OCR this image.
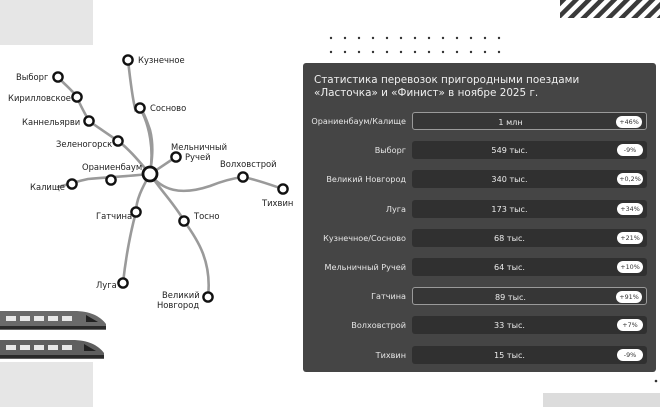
Кузнечное
Сосново
Выборг
Кирилловское
Каннельярви
Зеленогорск	Мельничный
Ручей
Ораниенбаум
Калище
Волховстрой
Тихвин
Гатчина	Тосно
Луга
Великий
Новгород
Статистика перевозок пригородными поездами
«Ласточка» и «Финист» в ноябре 2025 г.
Ораниенбаум/Калище	1 млн	+46%
Выборг	549 тыс.	-9%
Великий Новгород	340 тыс.	+0,2%
Луга	173 тыс.	+34%
Кузнечное/Сосново	68 тыс.	+21%
Мельничный Ручей	64 тыс.	+10%
Гатчина	89 тыс.	+91%
Волховстрой	33 тыс.	+7%
Тихвин	15 тыс.	-9%
